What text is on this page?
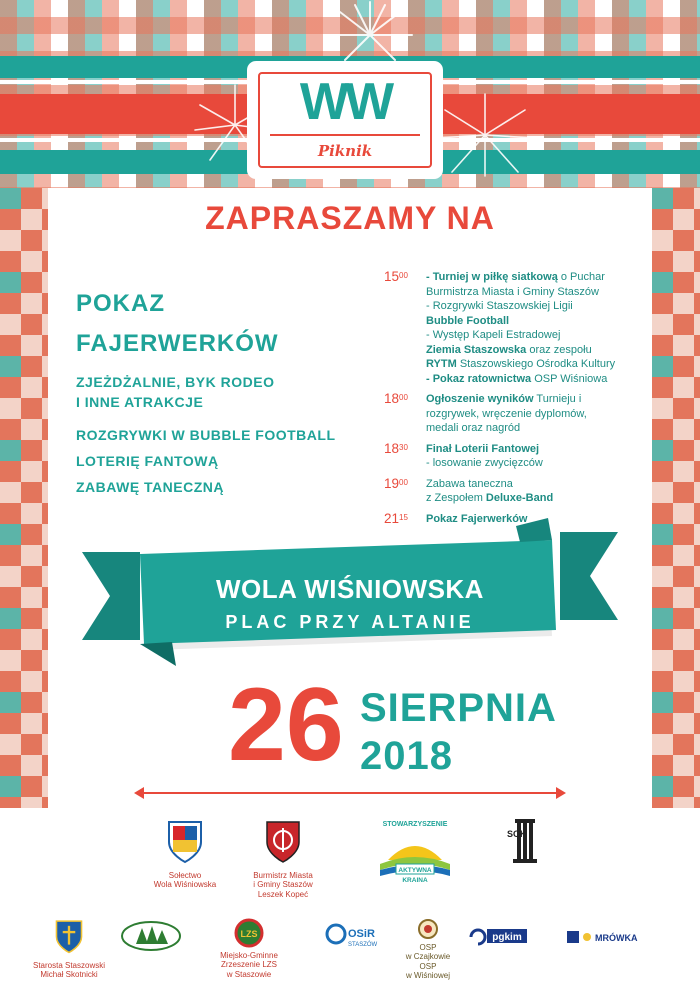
WW
Piknik
ZAPRASZAMY NA
POKAZ
FAJERWERKÓW
ZJEŻDŻALNIE, BYK RODEO
I INNE ATRAKCJE
ROZGRYWKI W BUBBLE FOOTBALL
LOTERIĘ FANTOWĄ
ZABAWĘ TANECZNĄ
$15^{00}$ - Turniej w piłkę siatkową o Puchar
Burmistrza Miasta i Gminy Staszów
- Rozgrywki Staszowskiej Ligii
Bubble Football
- Występ Kapeli Estradowej
Ziemia Staszowska oraz zespołu
RYTM Staszowskiego Ośrodka Kultury
- Pokaz ratownictwa OSP Wiśniowa
$18^{00}$ Ogłoszenie wyników Turnieju i
rozgrywek, wręczenie dyplomów,
medali oraz nagród
$18^{30}$ Finał Loterii Fantowej
- losowanie zwycięzców
$19^{00}$ Zabawa taneczna
z Zespołem Deluxe-Band
$21^{15}$ Pokaz Fajerwerków
WOLA WIŚNIOWSKA
PLAC PRZY ALTANIE
26 SIERPNIA
2018
Sołectwo
Wola Wiśniowska
Burmistrz Miasta
i Gminy Staszów
Leszek Kopeć
STOWARZYSZENIE
AKTYWNA
KRAINA
SOK
Starosta Staszowski
Michał Skotnicki
LZS
Miejsko-Gminne
Zrzeszenie LZS
w Staszowie
OSiR
STASZÓW	OSP
w Czajkowie
OSP
w Wiśniowej
pgkim	MRÓWKA
